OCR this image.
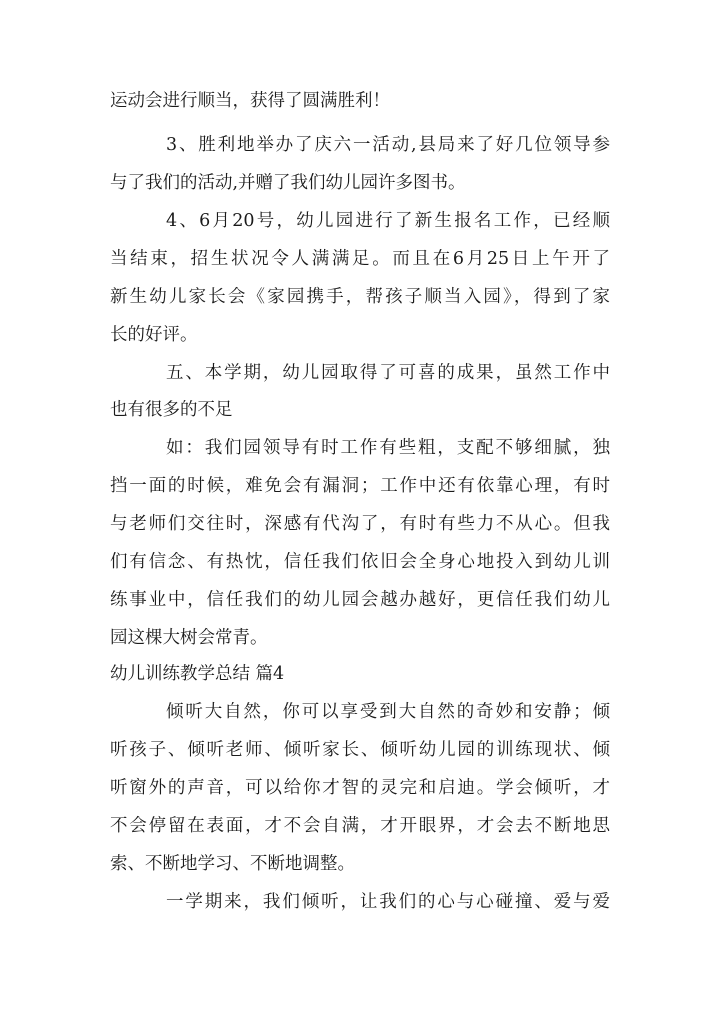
运动会进行顺当，获得了圆满胜利！
3、胜利地举办了庆六一活动,县局来了好几位领导参
与了我们的活动,并赠了我们幼儿园许多图书。
4、6月20号，幼儿园进行了新生报名工作，已经顺
当结束，招生状况令人满满足。而且在6月25日上午开了
新生幼儿家长会《家园携手，帮孩子顺当入园》，得到了家
长的好评。
五、本学期，幼儿园取得了可喜的成果，虽然工作中
也有很多的不足
如：我们园领导有时工作有些粗，支配不够细腻，独
挡一面的时候，难免会有漏洞；工作中还有依靠心理，有时
与老师们交往时，深感有代沟了，有时有些力不从心。但我
们有信念、有热忱，信任我们依旧会全身心地投入到幼儿训
练事业中，信任我们的幼儿园会越办越好，更信任我们幼儿
园这棵大树会常青。
幼儿训练教学总结 篇4
倾听大自然，你可以享受到大自然的奇妙和安静；倾
听孩子、倾听老师、倾听家长、倾听幼儿园的训练现状、倾
听窗外的声音，可以给你才智的灵完和启迪。学会倾听，才
不会停留在表面，才不会自满，才开眼界，才会去不断地思
索、不断地学习、不断地调整。
一学期来，我们倾听，让我们的心与心碰撞、爱与爱
